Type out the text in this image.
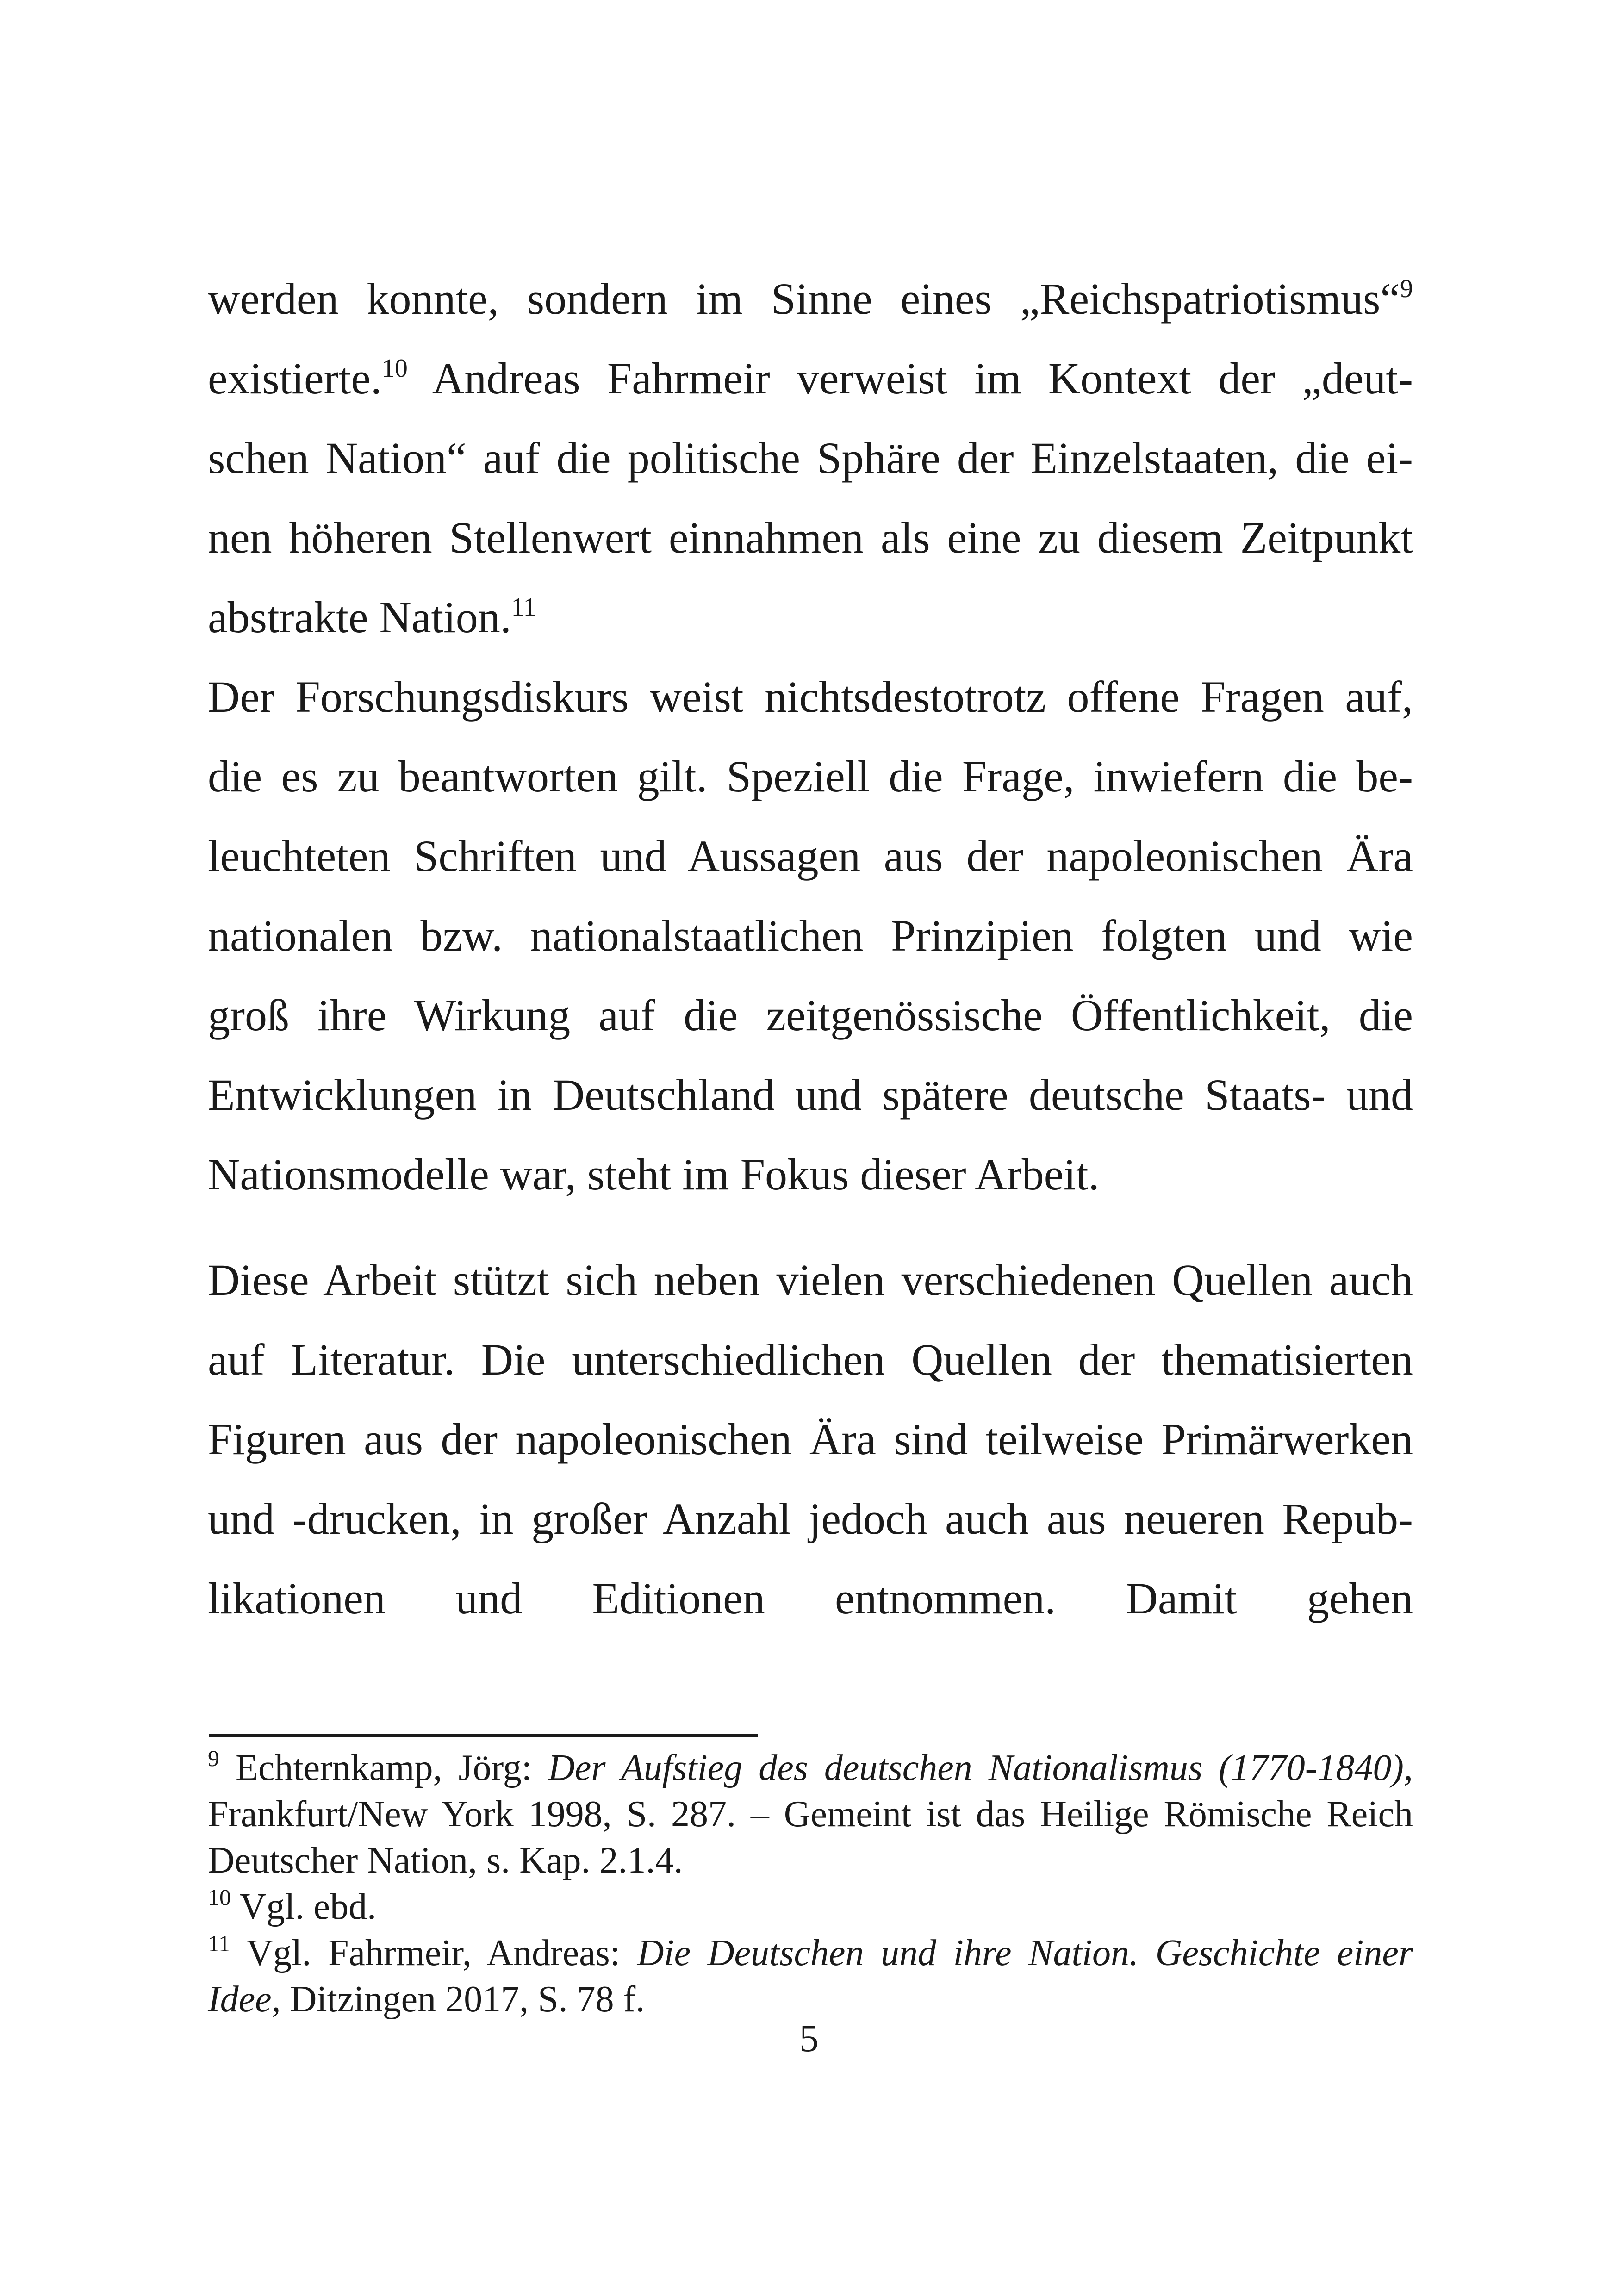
werden konnte, sondern im Sinne eines „Reichspatriotismus“$^9$
existierte.$^{10}$ Andreas Fahrmeir verweist im Kontext der „deut-
schen Nation“ auf die politische Sphäre der Einzelstaaten, die ei-
nen höheren Stellenwert einnahmen als eine zu diesem Zeitpunkt
abstrakte Nation.$^{11}$
Der Forschungsdiskurs weist nichtsdestotrotz offene Fragen auf,
die es zu beantworten gilt. Speziell die Frage, inwiefern die be-
leuchteten Schriften und Aussagen aus der napoleonischen Ära
nationalen bzw. nationalstaatlichen Prinzipien folgten und wie
groß ihre Wirkung auf die zeitgenössische Öffentlichkeit, die
Entwicklungen in Deutschland und spätere deutsche Staats- und
Nationsmodelle war, steht im Fokus dieser Arbeit.
Diese Arbeit stützt sich neben vielen verschiedenen Quellen auch
auf Literatur. Die unterschiedlichen Quellen der thematisierten
Figuren aus der napoleonischen Ära sind teilweise Primärwerken
und -drucken, in großer Anzahl jedoch auch aus neueren Repub-
likationen und Editionen entnommen. Damit gehen
$^9$ Echternkamp, Jörg: Der Aufstieg des deutschen Nationalismus (1770-1840),
Frankfurt/New York 1998, S. 287. – Gemeint ist das Heilige Römische Reich
Deutscher Nation, s. Kap. 2.1.4.
$^{10}$ Vgl. ebd.
$^{11}$ Vgl. Fahrmeir, Andreas: Die Deutschen und ihre Nation. Geschichte einer
Idee, Ditzingen 2017, S. 78 f.
5
